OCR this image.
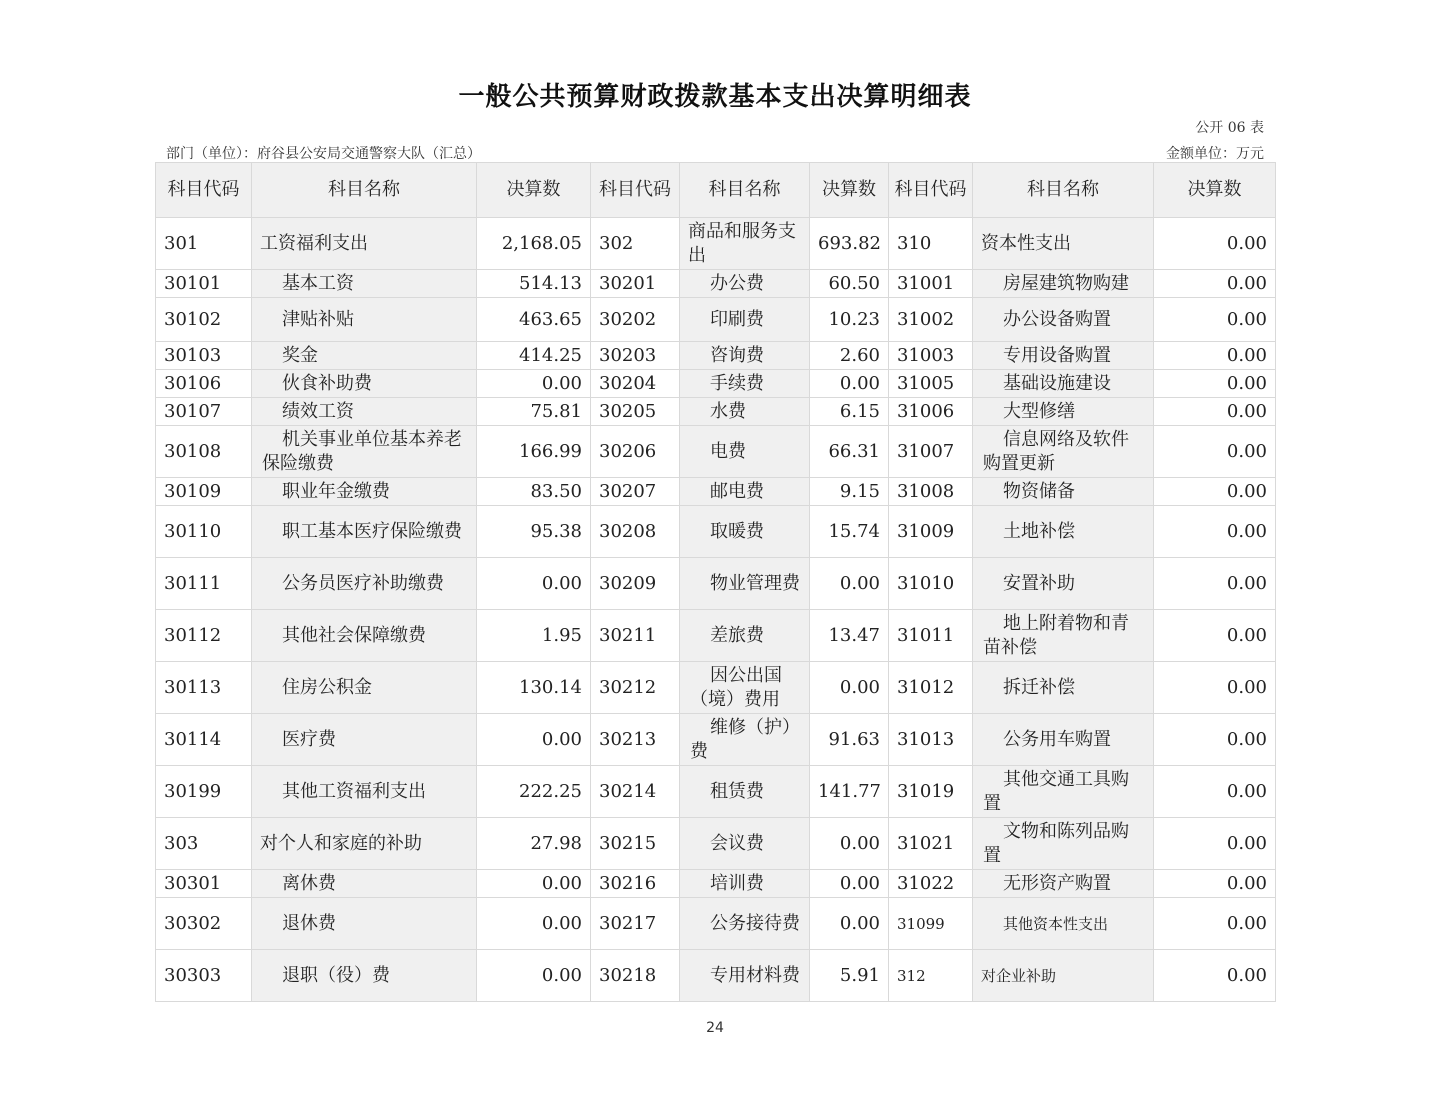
一般公共预算财政拨款基本支出决算明细表
公开 06 表
部门（单位）：府谷县公安局交通警察大队（汇总）	金额单位：万元
科目代码	科目名称	决算数	科目代码	科目名称	决算数	科目代码	科目名称	决算数
301	工资福利支出	2,168.05	302	商品和服务支出	693.82	310	资本性支出	0.00
30101	基本工资	514.13	30201	办公费	60.50	31001	房屋建筑物购建	0.00
30102	津贴补贴	463.65	30202	印刷费	10.23	31002	办公设备购置	0.00
30103	奖金	414.25	30203	咨询费	2.60	31003	专用设备购置	0.00
30106	伙食补助费	0.00	30204	手续费	0.00	31005	基础设施建设	0.00
30107	绩效工资	75.81	30205	水费	6.15	31006	大型修缮	0.00
30108	机关事业单位基本养老保险缴费	166.99	30206	电费	66.31	31007	信息网络及软件购置更新	0.00
30109	职业年金缴费	83.50	30207	邮电费	9.15	31008	物资储备	0.00
30110	职工基本医疗保险缴费	95.38	30208	取暖费	15.74	31009	土地补偿	0.00
30111	公务员医疗补助缴费	0.00	30209	物业管理费	0.00	31010	安置补助	0.00
30112	其他社会保障缴费	1.95	30211	差旅费	13.47	31011	地上附着物和青苗补偿	0.00
30113	住房公积金	130.14	30212	因公出国（境）费用	0.00	31012	拆迁补偿	0.00
30114	医疗费	0.00	30213	维修（护）费	91.63	31013	公务用车购置	0.00
30199	其他工资福利支出	222.25	30214	租赁费	141.77	31019	其他交通工具购置	0.00
303	对个人和家庭的补助	27.98	30215	会议费	0.00	31021	文物和陈列品购置	0.00
30301	离休费	0.00	30216	培训费	0.00	31022	无形资产购置	0.00
30302	退休费	0.00	30217	公务接待费	0.00	31099	其他资本性支出	0.00
30303	退职（役）费	0.00	30218	专用材料费	5.91	312	对企业补助	0.00
24
